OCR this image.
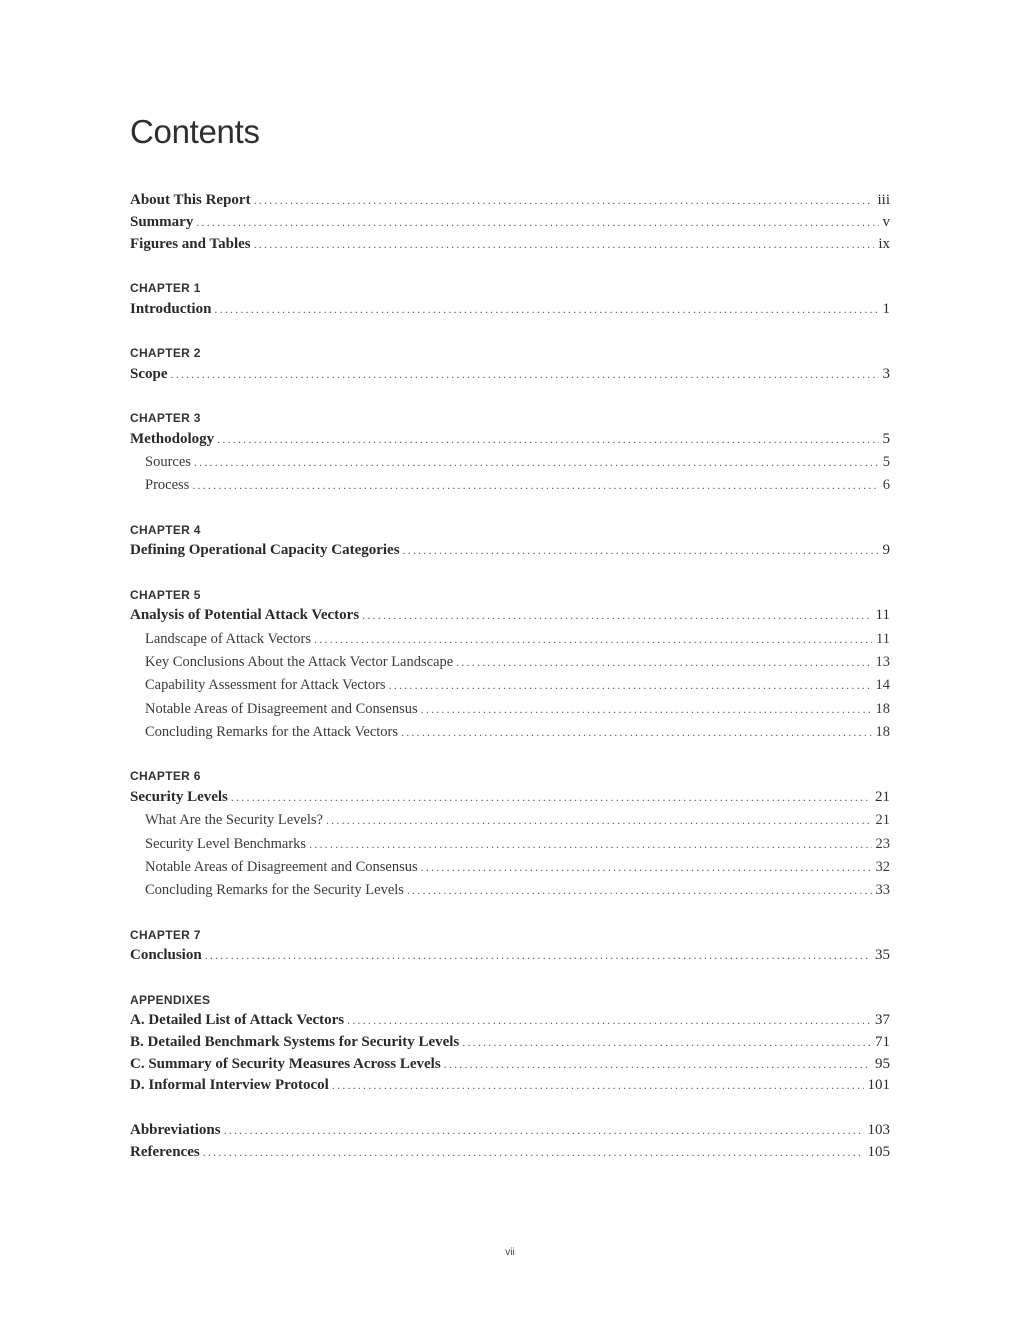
Contents
About This Report . . .	iii
Summary . . .	v
Figures and Tables . . .	ix
CHAPTER 1
Introduction . . .	1
CHAPTER 2
Scope . . .	3
CHAPTER 3
Methodology . . .	5
Sources . . .	5
Process . . .	6
CHAPTER 4
Defining Operational Capacity Categories . . .	9
CHAPTER 5
Analysis of Potential Attack Vectors . . .	11
Landscape of Attack Vectors . . .	11
Key Conclusions About the Attack Vector Landscape . . .	13
Capability Assessment for Attack Vectors . . .	14
Notable Areas of Disagreement and Consensus . . .	18
Concluding Remarks for the Attack Vectors . . .	18
CHAPTER 6
Security Levels . . .	21
What Are the Security Levels? . . .	21
Security Level Benchmarks . . .	23
Notable Areas of Disagreement and Consensus . . .	32
Concluding Remarks for the Security Levels . . .	33
CHAPTER 7
Conclusion . . .	35
APPENDIXES
A. Detailed List of Attack Vectors . . .	37
B. Detailed Benchmark Systems for Security Levels . . .	71
C. Summary of Security Measures Across Levels . . .	95
D. Informal Interview Protocol . . .	101
Abbreviations . . .	103
References . . .	105
vii
